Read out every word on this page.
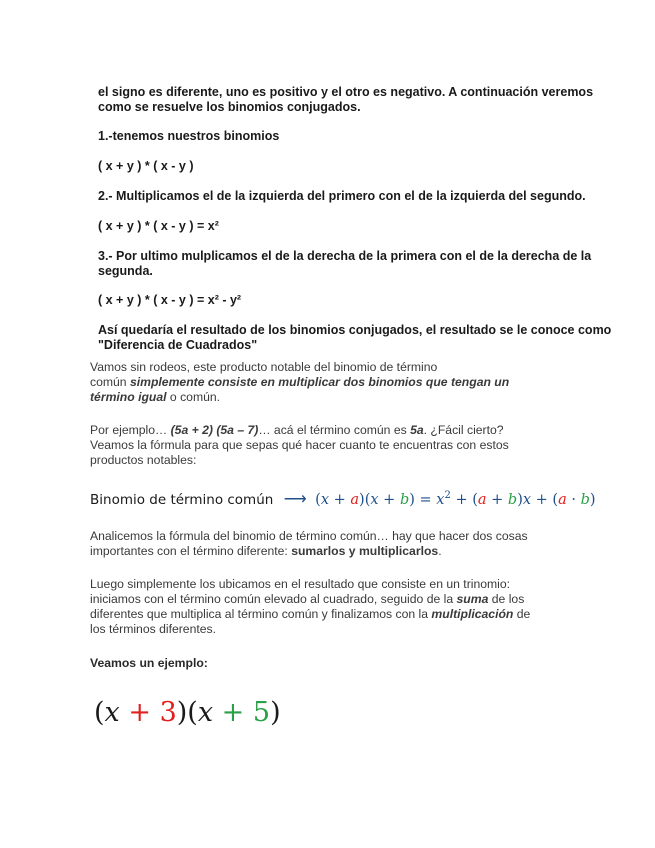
el signo es diferente, uno es positivo y el otro es negativo. A continuación veremos
como se resuelve los binomios conjugados.
1.-tenemos nuestros binomios
( x + y ) * ( x - y )
2.- Multiplicamos el de la izquierda del primero con el de la izquierda del segundo.
( x + y ) * ( x - y ) = x²
3.- Por ultimo mulplicamos el de la derecha de la primera con el de la derecha de la
segunda.
( x + y ) * ( x - y ) = x² - y²
Así quedaría el resultado de los binomios conjugados, el resultado se le conoce como
"Diferencia de Cuadrados"
Vamos sin rodeos, este producto notable del binomio de término
común simplemente consiste en multiplicar dos binomios que tengan un
término igual o común.
Por ejemplo… (5a + 2) (5a – 7)… acá el término común es 5a. ¿Fácil cierto?
Veamos la fórmula para que sepas qué hacer cuanto te encuentras con estos
productos notables:
Binomio de término común ⟶ $(x + a)(x + b) = x^2 + (a + b)x + (a \cdot b)$
Analicemos la fórmula del binomio de término común… hay que hacer dos cosas
importantes con el término diferente: sumarlos y multiplicarlos.
Luego simplemente los ubicamos en el resultado que consiste en un trinomio:
iniciamos con el término común elevado al cuadrado, seguido de la suma de los
diferentes que multiplica al término común y finalizamos con la multiplicación de
los términos diferentes.
Veamos un ejemplo:
(x + 3)(x + 5)
